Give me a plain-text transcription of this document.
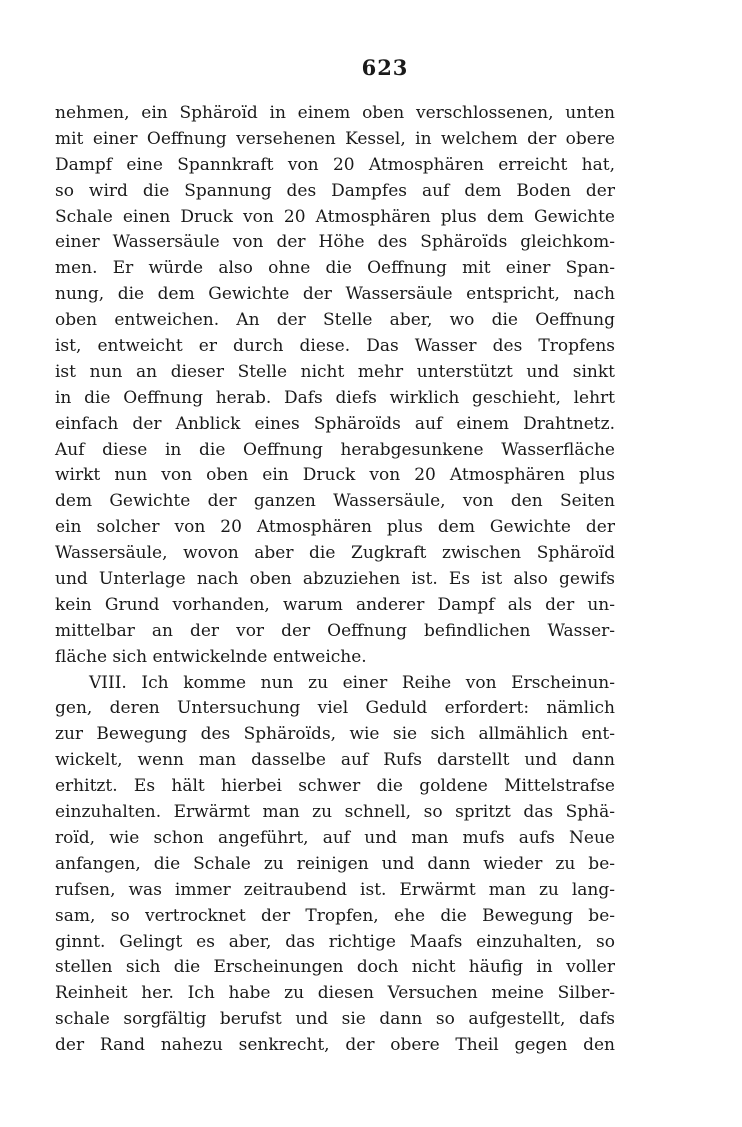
623
nehmen, ein Sphäroïd in einem oben verschlossenen, unten
mit einer Oeffnung versehenen Kessel, in welchem der obere
Dampf eine Spannkraft von 20 Atmosphären erreicht hat,
so wird die Spannung des Dampfes auf dem Boden der
Schale einen Druck von 20 Atmosphären plus dem Gewichte
einer Wassersäule von der Höhe des Sphäroïds gleichkom-
men. Er würde also ohne die Oeffnung mit einer Span-
nung, die dem Gewichte der Wassersäule entspricht, nach
oben entweichen. An der Stelle aber, wo die Oeffnung
ist, entweicht er durch diese. Das Wasser des Tropfens
ist nun an dieser Stelle nicht mehr unterstützt und sinkt
in die Oeffnung herab. Dafs diefs wirklich geschieht, lehrt
einfach der Anblick eines Sphäroïds auf einem Drahtnetz.
Auf diese in die Oeffnung herabgesunkene Wasserfläche
wirkt nun von oben ein Druck von 20 Atmosphären plus
dem Gewichte der ganzen Wassersäule, von den Seiten
ein solcher von 20 Atmosphären plus dem Gewichte der
Wassersäule, wovon aber die Zugkraft zwischen Sphäroïd
und Unterlage nach oben abzuziehen ist. Es ist also gewifs
kein Grund vorhanden, warum anderer Dampf als der un-
mittelbar an der vor der Oeffnung befindlichen Wasser-
fläche sich entwickelnde entweiche.
VIII. Ich komme nun zu einer Reihe von Erscheinun-
gen, deren Untersuchung viel Geduld erfordert: nämlich
zur Bewegung des Sphäroïds, wie sie sich allmählich ent-
wickelt, wenn man dasselbe auf Rufs darstellt und dann
erhitzt. Es hält hierbei schwer die goldene Mittelstrafse
einzuhalten. Erwärmt man zu schnell, so spritzt das Sphä-
roïd, wie schon angeführt, auf und man mufs aufs Neue
anfangen, die Schale zu reinigen und dann wieder zu be-
rufsen, was immer zeitraubend ist. Erwärmt man zu lang-
sam, so vertrocknet der Tropfen, ehe die Bewegung be-
ginnt. Gelingt es aber, das richtige Maafs einzuhalten, so
stellen sich die Erscheinungen doch nicht häufig in voller
Reinheit her. Ich habe zu diesen Versuchen meine Silber-
schale sorgfältig berufst und sie dann so aufgestellt, dafs
der Rand nahezu senkrecht, der obere Theil gegen den
